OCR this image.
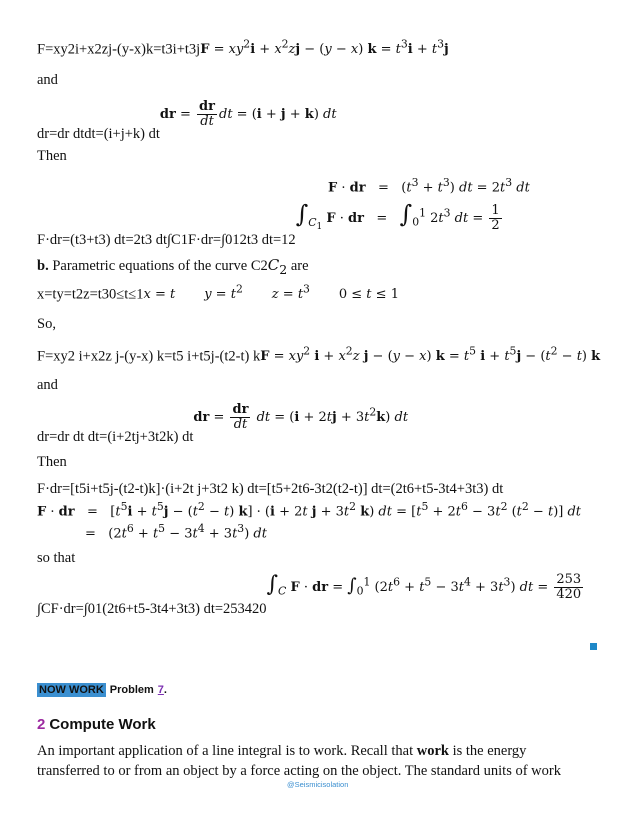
$F=xy2i+x2zj-(y-x)k=t3i+t3jF = xy^2i + x^2zj - (y - x) k = t^3i + t^3j$
and
dr=dr dtdt=(i+j+k) dtdr = $\frac{dr}{dt}$ dt = (i + j + k) dt
Then
F · dr   =   $(t^3 + t^3)$ dt = $2t^3$ dt
F·dr=(t3+t3) dt=2t3 dt∫C1F·dr=∫012t3 $dt=12\int_{C_1}$ F · dr   =   $\int_0^1$ $2t^3$ dt = $\frac{1}{2}$
b. Parametric equations of the curve $C2C_2$ are
x=ty=t2z=t30≤t≤1x = t $y = t^2$ $z = t^3$       0 ≤ t ≤ 1
So,
F=xy2 i+x2z j-(y-x) k=t5 i+t5j-(t2-t) kF = $xy^2$ $i + x^2z$ j − (y − x) $k = t^5$ $i + t^5j - (t^2 - t)$ k
and
dr=dr dt dt=(i+2tj+3t2k) dtdr = $\frac{dr}{dt}$ dt = $(i + 2tj + 3t^2k)$ dt
Then
F·dr=[t5i+t5j-(t2-t)k]·(i+2t j+3t2 k) dt=[t5+2t6-3t2(t2-t)] dt=(2t6+t5-3t4+3t3) dt
F · dr   =   $[t^5i + t^5j - (t^2 - t) k] \cdot (i + 2t$ $j + 3t^2$ k) dt = [$t^5 + 2t^6 - 3t^2$ $(t^2 - t)$] dt
=   $(2t^6 + t^5 - 3t^4 + 3t^3)$ dt
so that
∫CF·dr=∫01(2t6+t5-3t4+3t3) $dt=253420\int_C$ F · dr = $\int_0^1$ $(2t^6 + t^5 - 3t^4 + 3t^3)$ dt = $\frac{253}{420}$
NOW WORK Problem 7.
2 Compute Work
An important application of a line integral is to work. Recall that work is the energy
transferred to or from an object by a force acting on the object. The standard units of work
@Seismicisolation
